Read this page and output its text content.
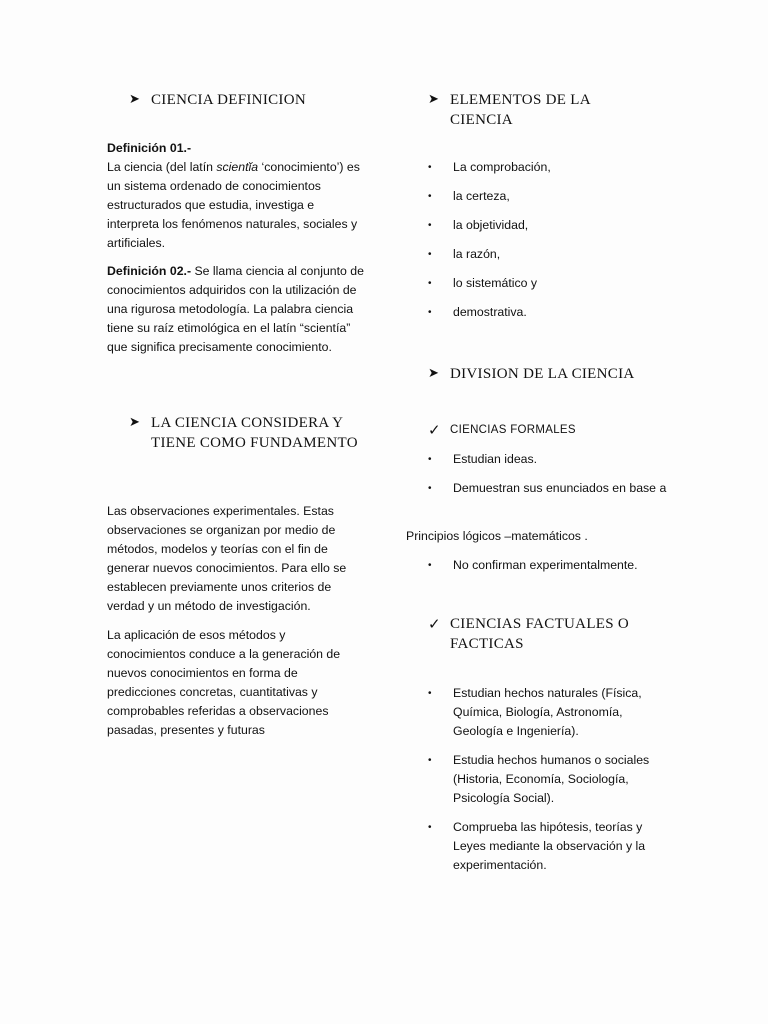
➤ CIENCIA DEFINICION

Definición 01.-
La ciencia (del latín scientĭa ‘conocimiento’) es un sistema ordenado de conocimientos estructurados que estudia, investiga e interpreta los fenómenos naturales, sociales y artificiales.

Definición 02.- Se llama ciencia al conjunto de conocimientos adquiridos con la utilización de una rigurosa metodología. La palabra ciencia tiene su raíz etimológica en el latín “scientía” que significa precisamente conocimiento.

➤ LA CIENCIA CONSIDERA Y TIENE COMO FUNDAMENTO

Las observaciones experimentales. Estas observaciones se organizan por medio de métodos, modelos y teorías con el fin de generar nuevos conocimientos. Para ello se establecen previamente unos criterios de verdad y un método de investigación.

La aplicación de esos métodos y conocimientos conduce a la generación de nuevos conocimientos en forma de predicciones concretas, cuantitativas y comprobables referidas a observaciones pasadas, presentes y futuras

➤ ELEMENTOS DE LA CIENCIA
• La comprobación,
• la certeza,
• la objetividad,
• la razón,
• lo sistemático y
• demostrativa.
➤ DIVISION DE LA CIENCIA
✓ CIENCIAS FORMALES
• Estudian ideas.
• Demuestran sus enunciados en base a

Principios lógicos –matemáticos .

• No confirman experimentalmente.
✓ CIENCIAS FACTUALES O FACTICAS
• Estudian hechos naturales (Física, Química, Biología, Astronomía, Geología e Ingeniería).
• Estudia hechos humanos o sociales (Historia, Economía, Sociología, Psicología Social).
• Comprueba las hipótesis, teorías y Leyes mediante la observación y la experimentación.
